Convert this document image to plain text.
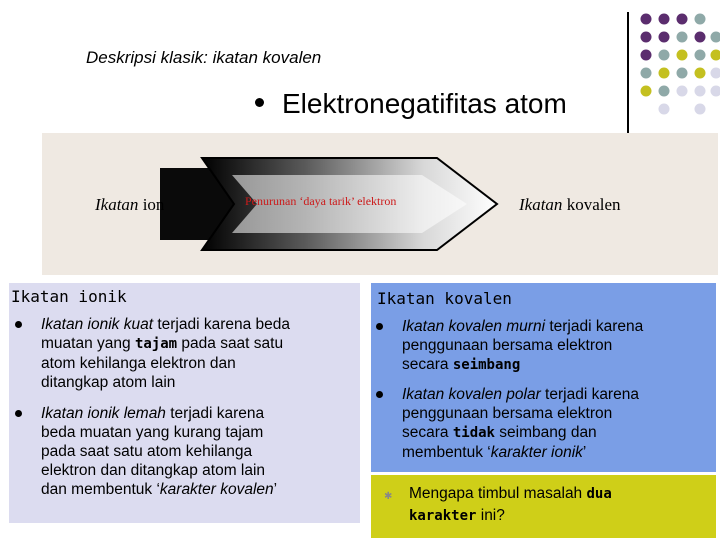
Deskripsi klasik: ikatan kovalen
Elektronegatifitas atom
Ikatan ion	Penurunan ‘daya tarik’ elektron	Ikatan kovalen
Ikatan ionik
Ikatan ionik kuat terjadi karena beda
muatan yang tajam pada saat satu
atom kehilanga elektron dan
ditangkap atom lain
Ikatan ionik lemah terjadi karena
beda muatan yang kurang tajam
pada saat satu atom kehilanga
elektron dan ditangkap atom lain
dan membentuk ‘karakter kovalen’
Ikatan kovalen
Ikatan kovalen murni terjadi karena
penggunaan bersama elektron
secara seimbang
Ikatan kovalen polar terjadi karena
penggunaan bersama elektron
secara tidak seimbang dan
membentuk ‘karakter ionik’
✱ Mengapa timbul masalah dua
karakter ini?
